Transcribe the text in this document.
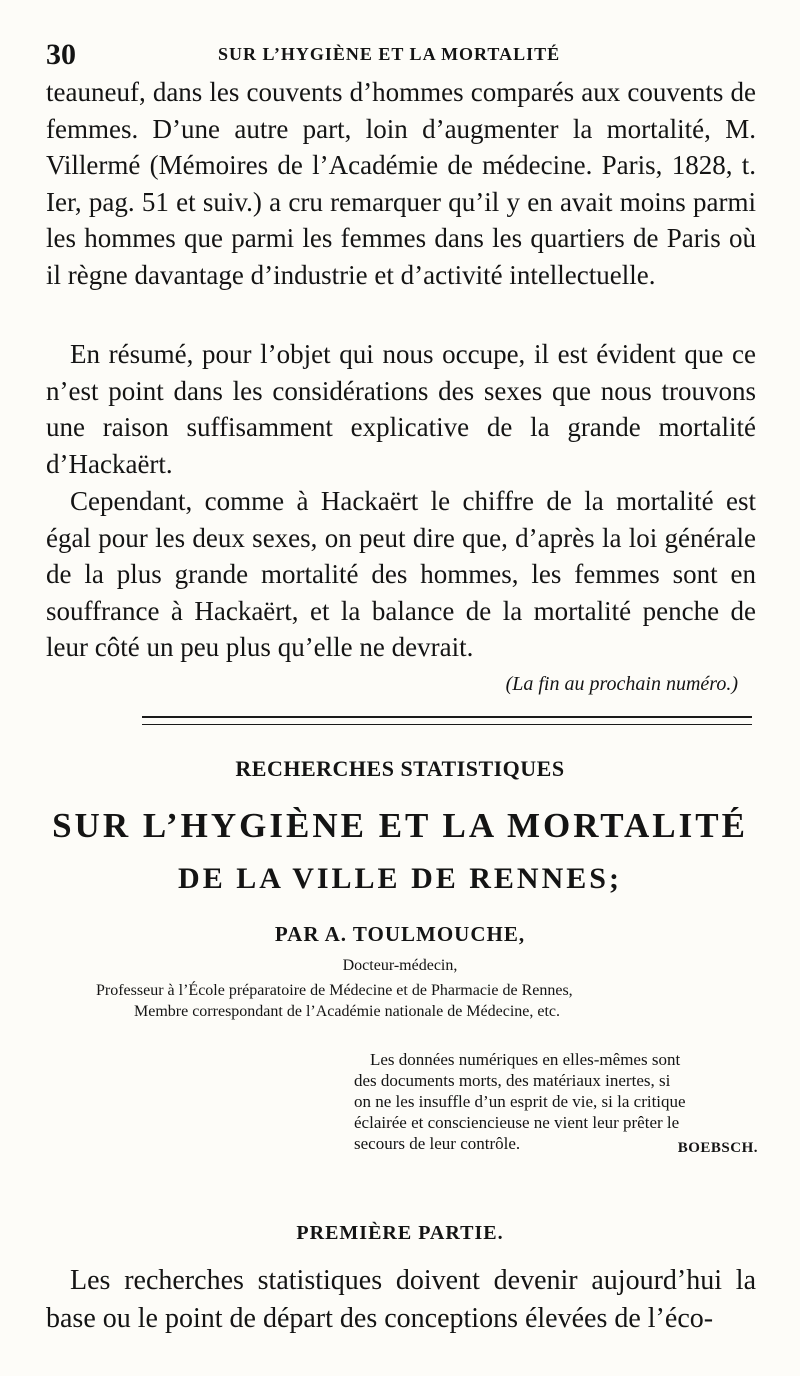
30	SUR L’HYGIÈNE ET LA MORTALITÉ

teauneuf, dans les couvents d’hommes comparés aux couvents de femmes. D’une autre part, loin d’augmenter la mortalité, M. Villermé (Mémoires de l’Académie de médecine. Paris, 1828, t. Ier, pag. 51 et suiv.) a cru remarquer qu’il y en avait moins parmi les hommes que parmi les femmes dans les quartiers de Paris où il règne davantage d’industrie et d’activité intellectuelle.

En résumé, pour l’objet qui nous occupe, il est évident que ce n’est point dans les considérations des sexes que nous trouvons une raison suffisamment explicative de la grande mortalité d’Hackaërt.

Cependant, comme à Hackaërt le chiffre de la mortalité est égal pour les deux sexes, on peut dire que, d’après la loi générale de la plus grande mortalité des hommes, les femmes sont en souffrance à Hackaërt, et la balance de la mortalité penche de leur côté un peu plus qu’elle ne devrait.

(La fin au prochain numéro.)
RECHERCHES STATISTIQUES
SUR L’HYGIÈNE ET LA MORTALITÉ
DE LA VILLE DE RENNES;
PAR A. TOULMOUCHE,
Docteur-médecin,
Professeur à l’École préparatoire de Médecine et de Pharmacie de Rennes,
Membre correspondant de l’Académie nationale de Médecine, etc.
Les données numériques en elles-mêmes sont
des documents morts, des matériaux inertes, si
on ne les insuffle d’un esprit de vie, si la critique
éclairée et consciencieuse ne vient leur prêter le
secours de leur contrôle.	BOEBSCH.
PREMIÈRE PARTIE.

Les recherches statistiques doivent devenir aujourd’hui la base ou le point de départ des conceptions élevées de l’éco-
